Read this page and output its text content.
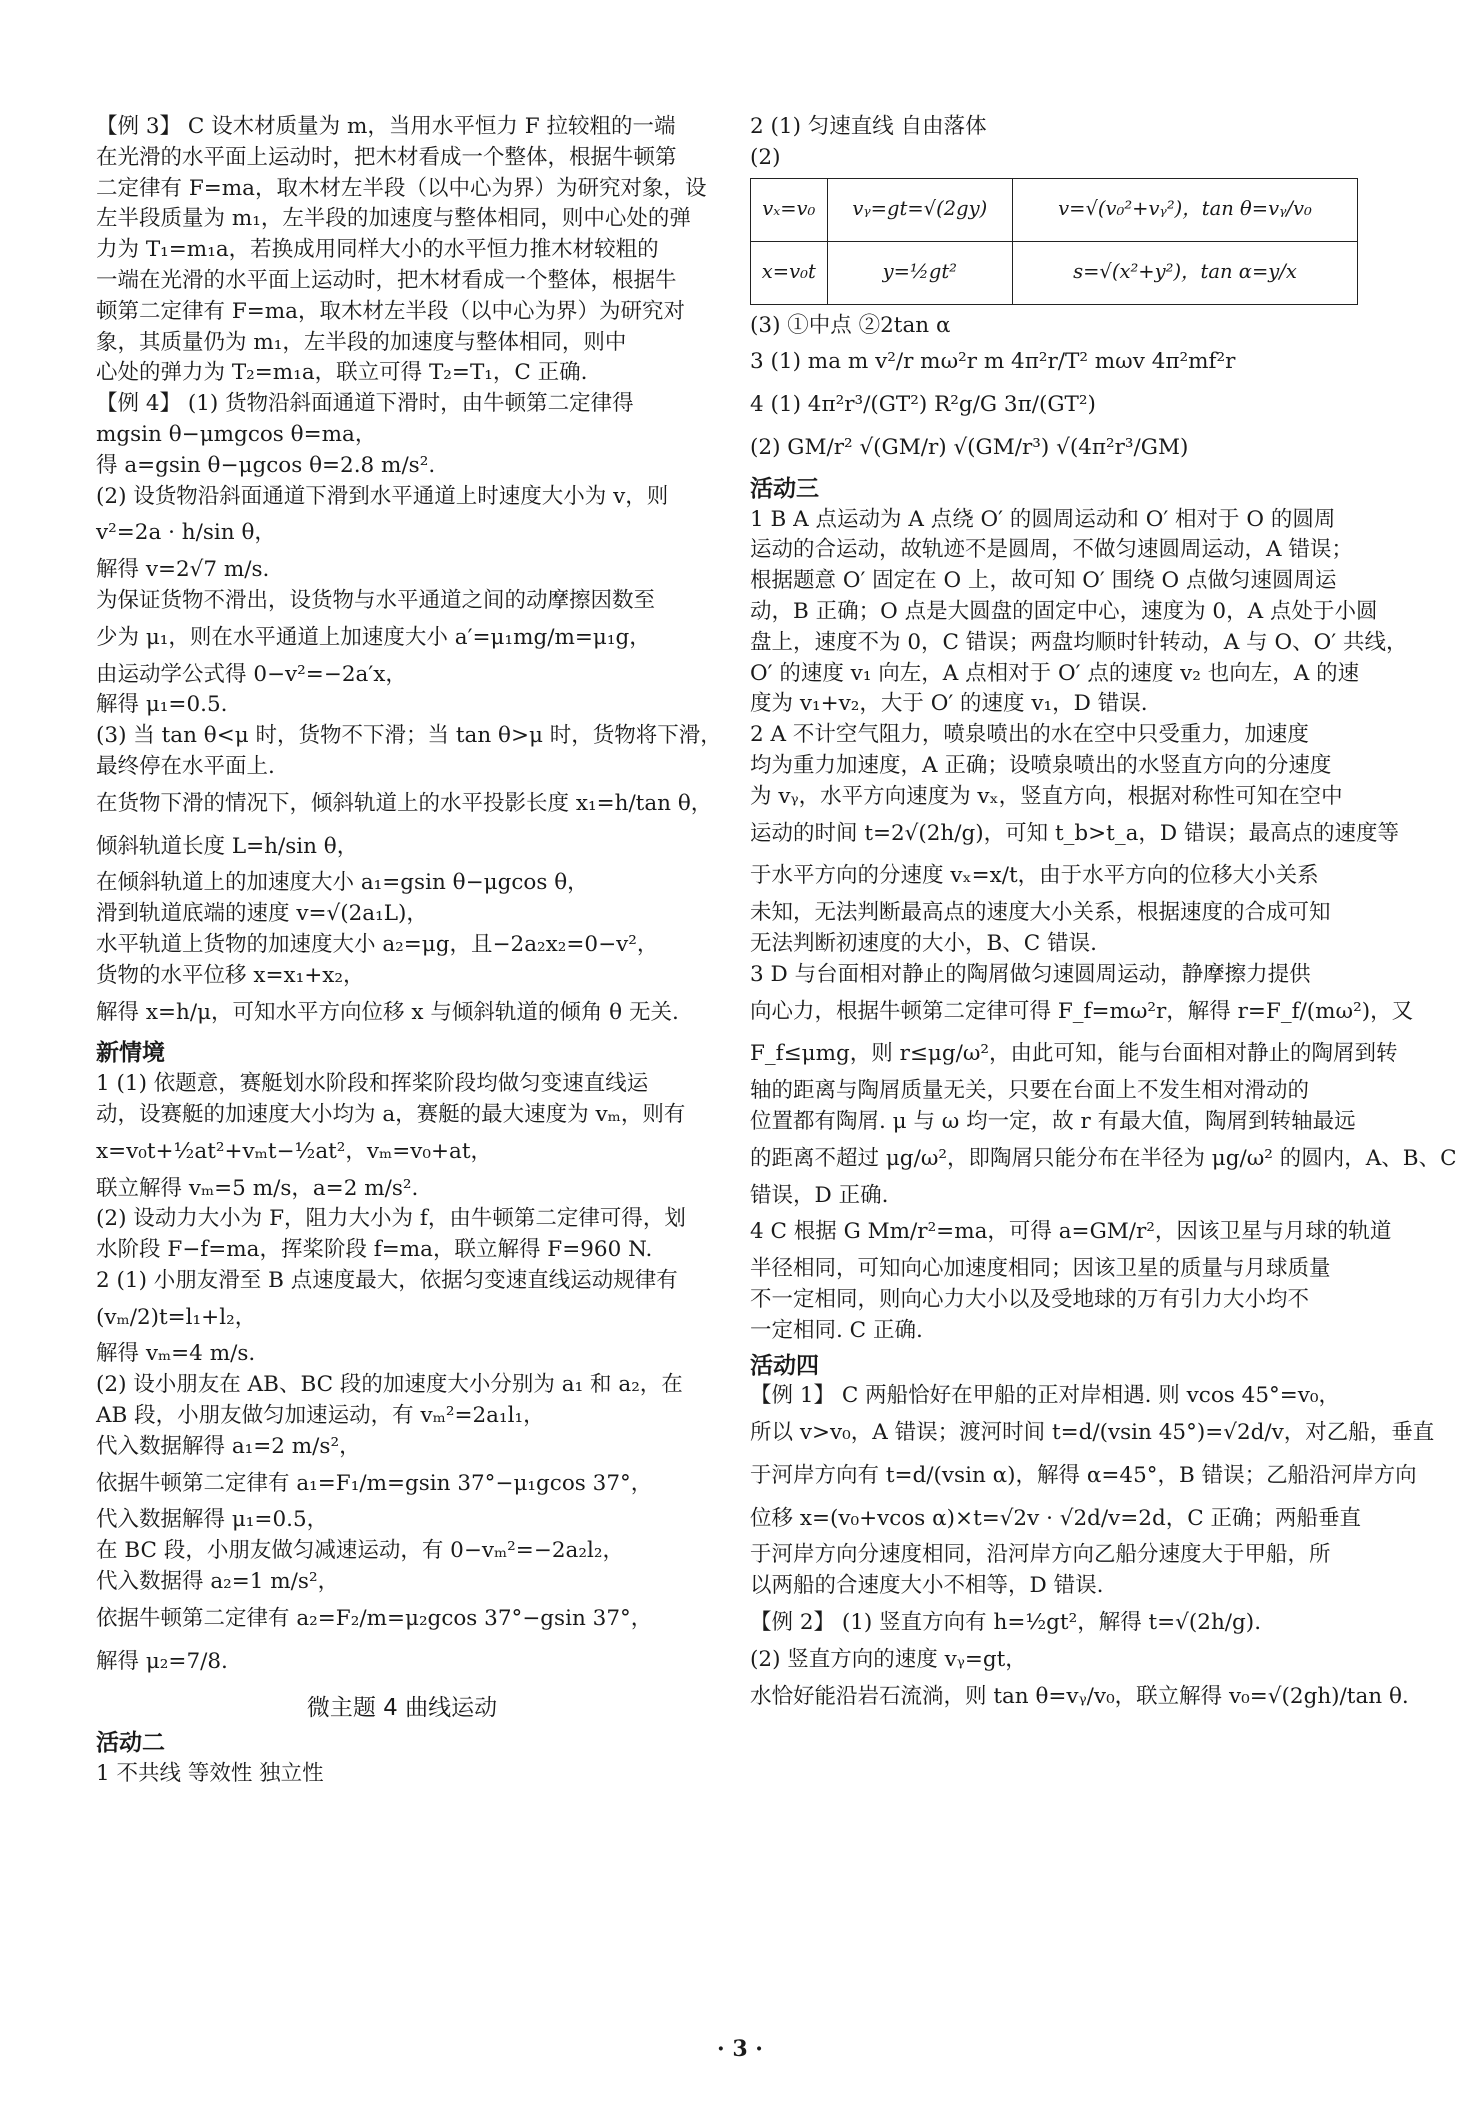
【例 3】 C 设木材质量为 m，当用水平恒力 F 拉较粗的一端
在光滑的水平面上运动时，把木材看成一个整体，根据牛顿第
二定律有 F=ma，取木材左半段（以中心为界）为研究对象，设
左半段质量为 m₁，左半段的加速度与整体相同，则中心处的弹
力为 T₁=m₁a，若换成用同样大小的水平恒力推木材较粗的
一端在光滑的水平面上运动时，把木材看成一个整体，根据牛
顿第二定律有 F=ma，取木材左半段（以中心为界）为研究对
象，其质量仍为 m₁，左半段的加速度与整体相同，则中
心处的弹力为 T₂=m₁a，联立可得 T₂=T₁，C 正确.
【例 4】 (1) 货物沿斜面通道下滑时，由牛顿第二定律得
mgsin θ−μmgcos θ=ma，
得 a=gsin θ−μgcos θ=2.8 m/s².
(2) 设货物沿斜面通道下滑到水平通道上时速度大小为 v，则
v²=2a · h/sin θ，
解得 v=2√7 m/s.
为保证货物不滑出，设货物与水平通道之间的动摩擦因数至
少为 μ₁，则在水平通道上加速度大小 a′=μ₁mg/m=μ₁g，
由运动学公式得 0−v²=−2a′x，
解得 μ₁=0.5.
(3) 当 tan θ<μ 时，货物不下滑；当 tan θ>μ 时，货物将下滑，
最终停在水平面上.
在货物下滑的情况下，倾斜轨道上的水平投影长度 x₁=h/tan θ，
倾斜轨道长度 L=h/sin θ，
在倾斜轨道上的加速度大小 a₁=gsin θ−μgcos θ，
滑到轨道底端的速度 v=√(2a₁L)，
水平轨道上货物的加速度大小 a₂=μg，且−2a₂x₂=0−v²，
货物的水平位移 x=x₁+x₂，
解得 x=h/μ，可知水平方向位移 x 与倾斜轨道的倾角 θ 无关.
新情境
1 (1) 依题意，赛艇划水阶段和挥桨阶段均做匀变速直线运
动，设赛艇的加速度大小均为 a，赛艇的最大速度为 vₘ，则有
x=v₀t+½at²+vₘt−½at²，vₘ=v₀+at，
联立解得 vₘ=5 m/s，a=2 m/s².
(2) 设动力大小为 F，阻力大小为 f，由牛顿第二定律可得，划
水阶段 F−f=ma，挥桨阶段 f=ma，联立解得 F=960 N.
2 (1) 小朋友滑至 B 点速度最大，依据匀变速直线运动规律有
(vₘ/2)t=l₁+l₂，
解得 vₘ=4 m/s.
(2) 设小朋友在 AB、BC 段的加速度大小分别为 a₁ 和 a₂，在
AB 段，小朋友做匀加速运动，有 vₘ²=2a₁l₁，
代入数据解得 a₁=2 m/s²，
依据牛顿第二定律有 a₁=F₁/m=gsin 37°−μ₁gcos 37°，
代入数据解得 μ₁=0.5，
在 BC 段，小朋友做匀减速运动，有 0−vₘ²=−2a₂l₂，
代入数据得 a₂=1 m/s²，
依据牛顿第二定律有 a₂=F₂/m=μ₂gcos 37°−gsin 37°，
解得 μ₂=7/8.
微主题 4 曲线运动
活动二
1 不共线 等效性 独立性
2 (1) 匀速直线 自由落体
(2)
vₓ=v₀	vᵧ=gt=√(2gy)	v=√(v₀²+vᵧ²)，tan θ=vᵧ/v₀
x=v₀t	y=½gt²	s=√(x²+y²)，tan α=y/x
(3) ①中点 ②2tan α
3 (1) ma m v²/r mω²r m 4π²r/T² mωv 4π²mf²r
4 (1) 4π²r³/(GT²) R²g/G 3π/(GT²)
(2) GM/r² √(GM/r) √(GM/r³) √(4π²r³/GM)
活动三
1 B A 点运动为 A 点绕 O′ 的圆周运动和 O′ 相对于 O 的圆周
运动的合运动，故轨迹不是圆周，不做匀速圆周运动，A 错误；
根据题意 O′ 固定在 O 上，故可知 O′ 围绕 O 点做匀速圆周运
动，B 正确；O 点是大圆盘的固定中心，速度为 0，A 点处于小圆
盘上，速度不为 0，C 错误；两盘均顺时针转动，A 与 O、O′ 共线，
O′ 的速度 v₁ 向左，A 点相对于 O′ 点的速度 v₂ 也向左，A 的速
度为 v₁+v₂，大于 O′ 的速度 v₁，D 错误.
2 A 不计空气阻力，喷泉喷出的水在空中只受重力，加速度
均为重力加速度，A 正确；设喷泉喷出的水竖直方向的分速度
为 vᵧ，水平方向速度为 vₓ，竖直方向，根据对称性可知在空中
运动的时间 t=2√(2h/g)，可知 t_b>t_a，D 错误；最高点的速度等
于水平方向的分速度 vₓ=x/t，由于水平方向的位移大小关系
未知，无法判断最高点的速度大小关系，根据速度的合成可知
无法判断初速度的大小，B、C 错误.
3 D 与台面相对静止的陶屑做匀速圆周运动，静摩擦力提供
向心力，根据牛顿第二定律可得 F_f=mω²r，解得 r=F_f/(mω²)，又
F_f≤μmg，则 r≤μg/ω²，由此可知，能与台面相对静止的陶屑到转
轴的距离与陶屑质量无关，只要在台面上不发生相对滑动的
位置都有陶屑. μ 与 ω 均一定，故 r 有最大值，陶屑到转轴最远
的距离不超过 μg/ω²，即陶屑只能分布在半径为 μg/ω² 的圆内，A、B、C
错误，D 正确.
4 C 根据 G Mm/r²=ma，可得 a=GM/r²，因该卫星与月球的轨道
半径相同，可知向心加速度相同；因该卫星的质量与月球质量
不一定相同，则向心力大小以及受地球的万有引力大小均不
一定相同. C 正确.
活动四
【例 1】 C 两船恰好在甲船的正对岸相遇. 则 vcos 45°=v₀，
所以 v>v₀，A 错误；渡河时间 t=d/(vsin 45°)=√2d/v，对乙船，垂直
于河岸方向有 t=d/(vsin α)，解得 α=45°，B 错误；乙船沿河岸方向
位移 x=(v₀+vcos α)×t=√2v · √2d/v=2d，C 正确；两船垂直
于河岸方向分速度相同，沿河岸方向乙船分速度大于甲船，所
以两船的合速度大小不相等，D 错误.
【例 2】 (1) 竖直方向有 h=½gt²，解得 t=√(2h/g).
(2) 竖直方向的速度 vᵧ=gt，
水恰好能沿岩石流淌，则 tan θ=vᵧ/v₀，联立解得 v₀=√(2gh)/tan θ.
· 3 ·
